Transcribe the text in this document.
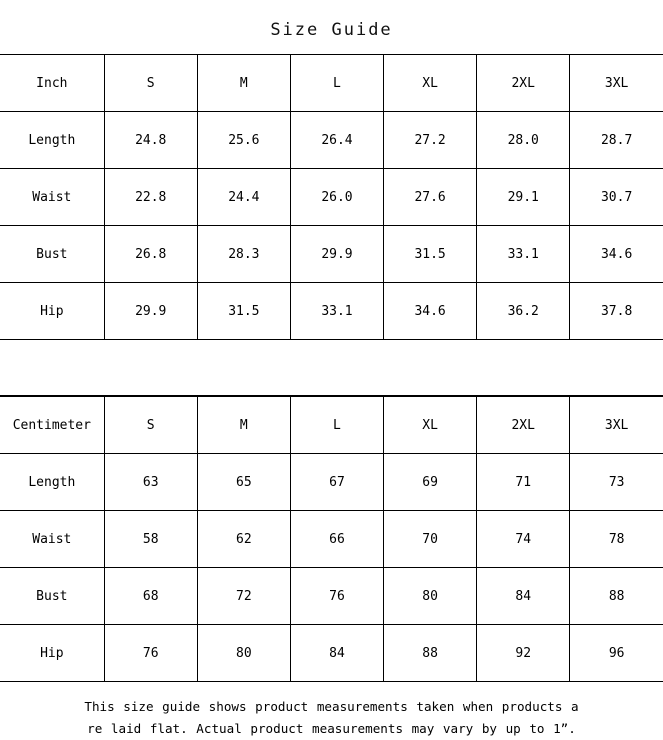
Size Guide
Inch	S	M	L	XL	2XL	3XL
Length	24.8	25.6	26.4	27.2	28.0	28.7
Waist	22.8	24.4	26.0	27.6	29.1	30.7
Bust	26.8	28.3	29.9	31.5	33.1	34.6
Hip	29.9	31.5	33.1	34.6	36.2	37.8
Centimeter	S	M	L	XL	2XL	3XL
Length	63	65	67	69	71	73
Waist	58	62	66	70	74	78
Bust	68	72	76	80	84	88
Hip	76	80	84	88	92	96
This size guide shows product measurements taken when products a
re laid flat. Actual product measurements may vary by up to 1”.
